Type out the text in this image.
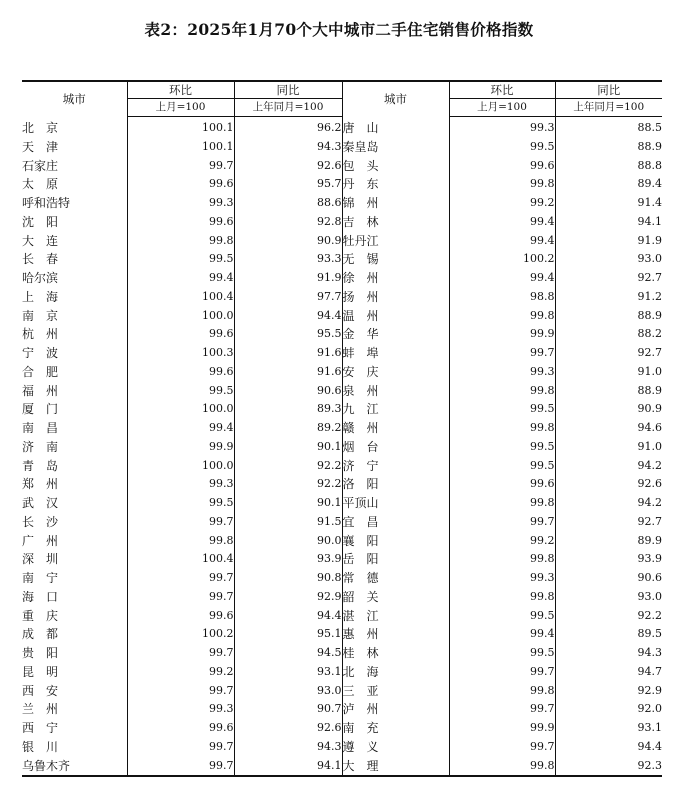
表2：2025年1月70个大中城市二手住宅销售价格指数
城市	环比	同比	城市	环比	同比
	上月=100	上年同月=100		上月=100	上年同月=100
北　京	100.1	96.2	唐　山	99.3	88.5
天　津	100.1	94.3	秦皇岛	99.5	88.9
石家庄	99.7	92.6	包　头	99.6	88.8
太　原	99.6	95.7	丹　东	99.8	89.4
呼和浩特	99.3	88.6	锦　州	99.2	91.4
沈　阳	99.6	92.8	吉　林	99.4	94.1
大　连	99.8	90.9	牡丹江	99.4	91.9
长　春	99.5	93.3	无　锡	100.2	93.0
哈尔滨	99.4	91.9	徐　州	99.4	92.7
上　海	100.4	97.7	扬　州	98.8	91.2
南　京	100.0	94.4	温　州	99.8	88.9
杭　州	99.6	95.5	金　华	99.9	88.2
宁　波	100.3	91.6	蚌　埠	99.7	92.7
合　肥	99.6	91.6	安　庆	99.3	91.0
福　州	99.5	90.6	泉　州	99.8	88.9
厦　门	100.0	89.3	九　江	99.5	90.9
南　昌	99.4	89.2	赣　州	99.8	94.6
济　南	99.9	90.1	烟　台	99.5	91.0
青　岛	100.0	92.2	济　宁	99.5	94.2
郑　州	99.3	92.2	洛　阳	99.6	92.6
武　汉	99.5	90.1	平顶山	99.8	94.2
长　沙	99.7	91.5	宜　昌	99.7	92.7
广　州	99.8	90.0	襄　阳	99.2	89.9
深　圳	100.4	93.9	岳　阳	99.8	93.9
南　宁	99.7	90.8	常　德	99.3	90.6
海　口	99.7	92.9	韶　关	99.8	93.0
重　庆	99.6	94.4	湛　江	99.5	92.2
成　都	100.2	95.1	惠　州	99.4	89.5
贵　阳	99.7	94.5	桂　林	99.5	94.3
昆　明	99.2	93.1	北　海	99.7	94.7
西　安	99.7	93.0	三　亚	99.8	92.9
兰　州	99.3	90.7	泸　州	99.7	92.0
西　宁	99.6	92.6	南　充	99.9	93.1
银　川	99.7	94.3	遵　义	99.7	94.4
乌鲁木齐	99.7	94.1	大　理	99.8	92.3
